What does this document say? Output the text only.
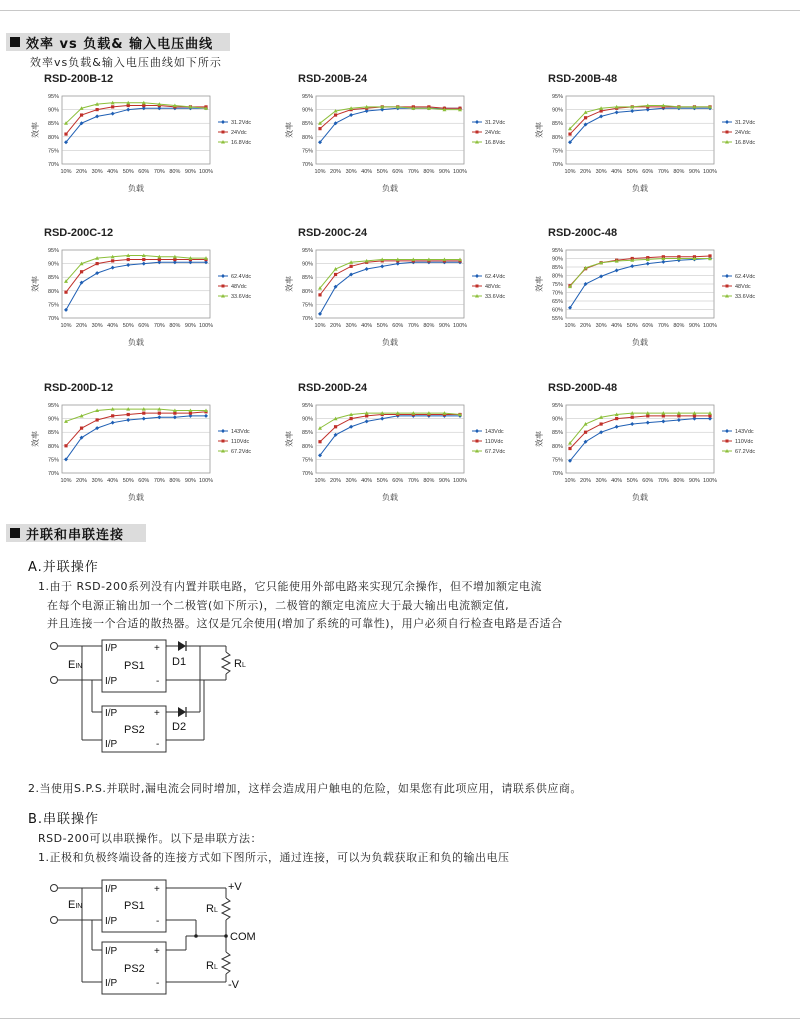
效率 vs 负载& 输入电压曲线
效率vs负载&输入电压曲线如下所示
RSD-200B-12
70%
75%
80%
85%
90%
95%
10% 20% 30% 40% 50% 60% 70% 80% 90% 100%
负载
效率	31.2Vdc
24Vdc
16.8Vdc
RSD-200B-24
70%
75%
80%
85%
90%
95%
10% 20% 30% 40% 50% 60% 70% 80% 90% 100%
负载
效率	31.2Vdc
24Vdc
16.8Vdc
RSD-200B-48
70%
75%
80%
85%
90%
95%
10% 20% 30% 40% 50% 60% 70% 80% 90% 100%
负载
效率	31.2Vdc
24Vdc
16.8Vdc
RSD-200C-12
70%
75%
80%
85%
90%
95%
10% 20% 30% 40% 50% 60% 70% 80% 90% 100%
负载
效率	62.4Vdc
48Vdc
33.6Vdc
RSD-200C-24
70%
75%
80%
85%
90%
95%
10% 20% 30% 40% 50% 60% 70% 80% 90% 100%
负载
效率	62.4Vdc
48Vdc
33.6Vdc
RSD-200C-48
55%
60%
65%
70%
75%
80%
85%
90%
95%
10% 20% 30% 40% 50% 60% 70% 80% 90% 100%
负载
效率	62.4Vdc
48Vdc
33.6Vdc
RSD-200D-12
70%
75%
80%
85%
90%
95%
10% 20% 30% 40% 50% 60% 70% 80% 90% 100%
负载
效率	143Vdc
110Vdc
67.2Vdc
RSD-200D-24
70%
75%
80%
85%
90%
95%
10% 20% 30% 40% 50% 60% 70% 80% 90% 100%
负载
效率	143Vdc
110Vdc
67.2Vdc
RSD-200D-48
70%
75%
80%
85%
90%
95%
10% 20% 30% 40% 50% 60% 70% 80% 90% 100%
负载
效率	143Vdc
110Vdc
67.2Vdc
并联和串联连接
A.并联操作
1.由于 RSD-200系列没有内置并联电路，它只能使用外部电路来实现冗余操作，但不增加额定电流
在每个电源正输出加一个二极管(如下所示)，二极管的额定电流应大于最大输出电流额定值,
并且连接一个合适的散热器。这仅是冗余使用(增加了系统的可靠性)，用户必须自行检查电路是否适合
EIN
I/P
I/P
PS1
+
-
I/P
I/P
PS2
+
-
D1
D2
RL
2.当使用S.P.S.并联时,漏电流会同时增加，这样会造成用户触电的危险，如果您有此项应用，请联系供应商。
B.串联操作
RSD-200可以串联操作。以下是串联方法：
1.正极和负极终端设备的连接方式如下图所示，通过连接，可以为负载获取正和负的输出电压
EIN
I/P
I/P
PS1
+
-
I/P
I/P
PS2
+
-
+V
COM
-V
RL
RL
